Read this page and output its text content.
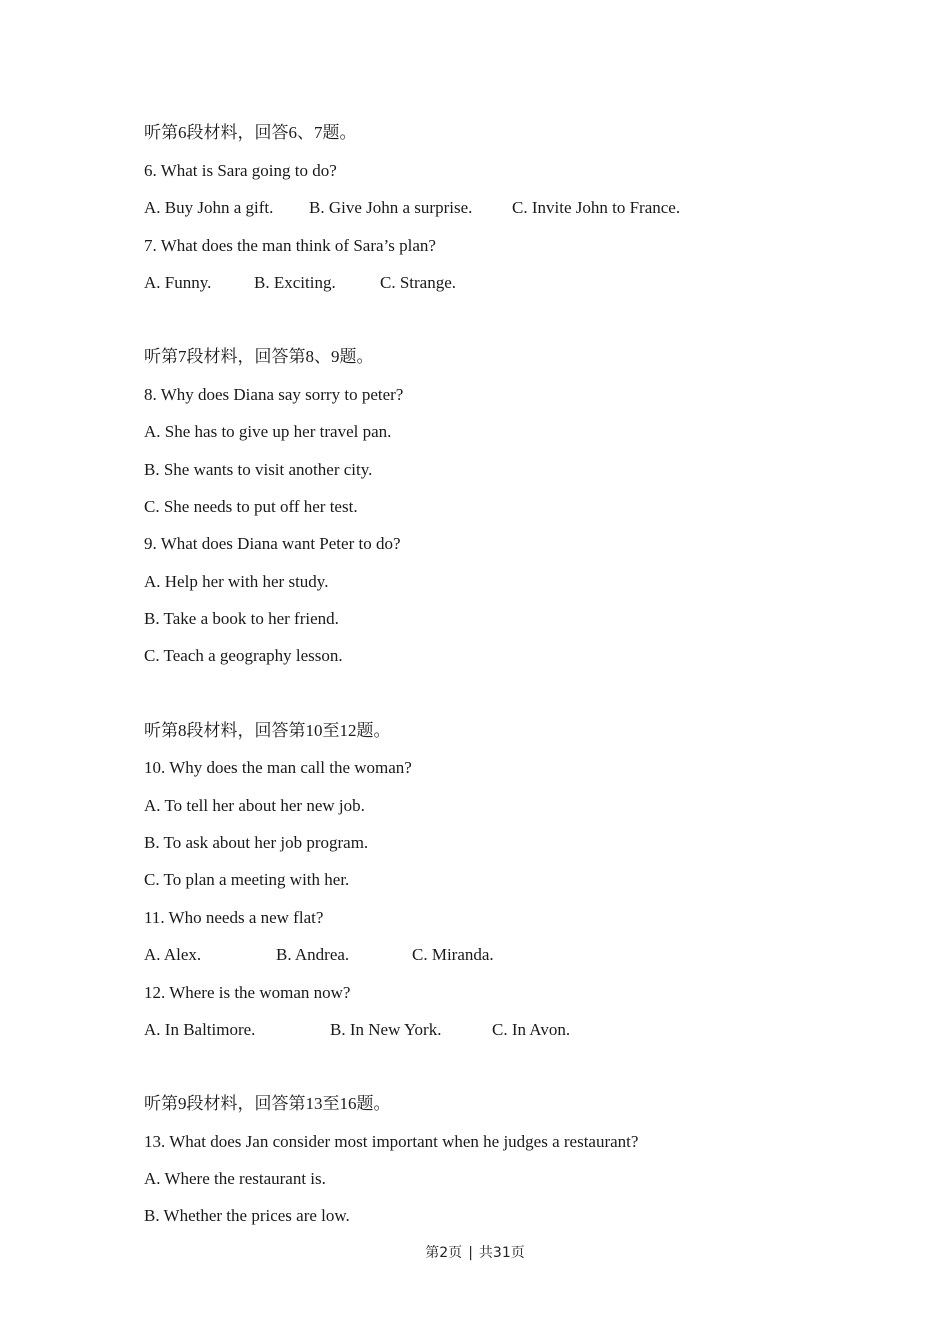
听第6段材料，回答6、7题。
6. What is Sara going to do?
A. Buy John a gift. B. Give John a surprise. C. Invite John to France.
7. What does the man think of Sara’s plan?
A. Funny.	B. Exciting.	C. Strange.
听第7段材料，回答第8、9题。
8. Why does Diana say sorry to peter?
A. She has to give up her travel pan.
B. She wants to visit another city.
C. She needs to put off her test.
9. What does Diana want Peter to do?
A. Help her with her study.
B. Take a book to her friend.
C. Teach a geography lesson.
听第8段材料，回答第10至12题。
10. Why does the man call the woman?
A. To tell her about her new job.
B. To ask about her job program.
C. To plan a meeting with her.
11. Who needs a new flat?
A. Alex.	B. Andrea.	C. Miranda.
12. Where is the woman now?
A. In Baltimore.	B. In New York.	C. In Avon.
听第9段材料，回答第13至16题。
13. What does Jan consider most important when he judges a restaurant?
A. Where the restaurant is.
B. Whether the prices are low.
第2页 | 共31页
